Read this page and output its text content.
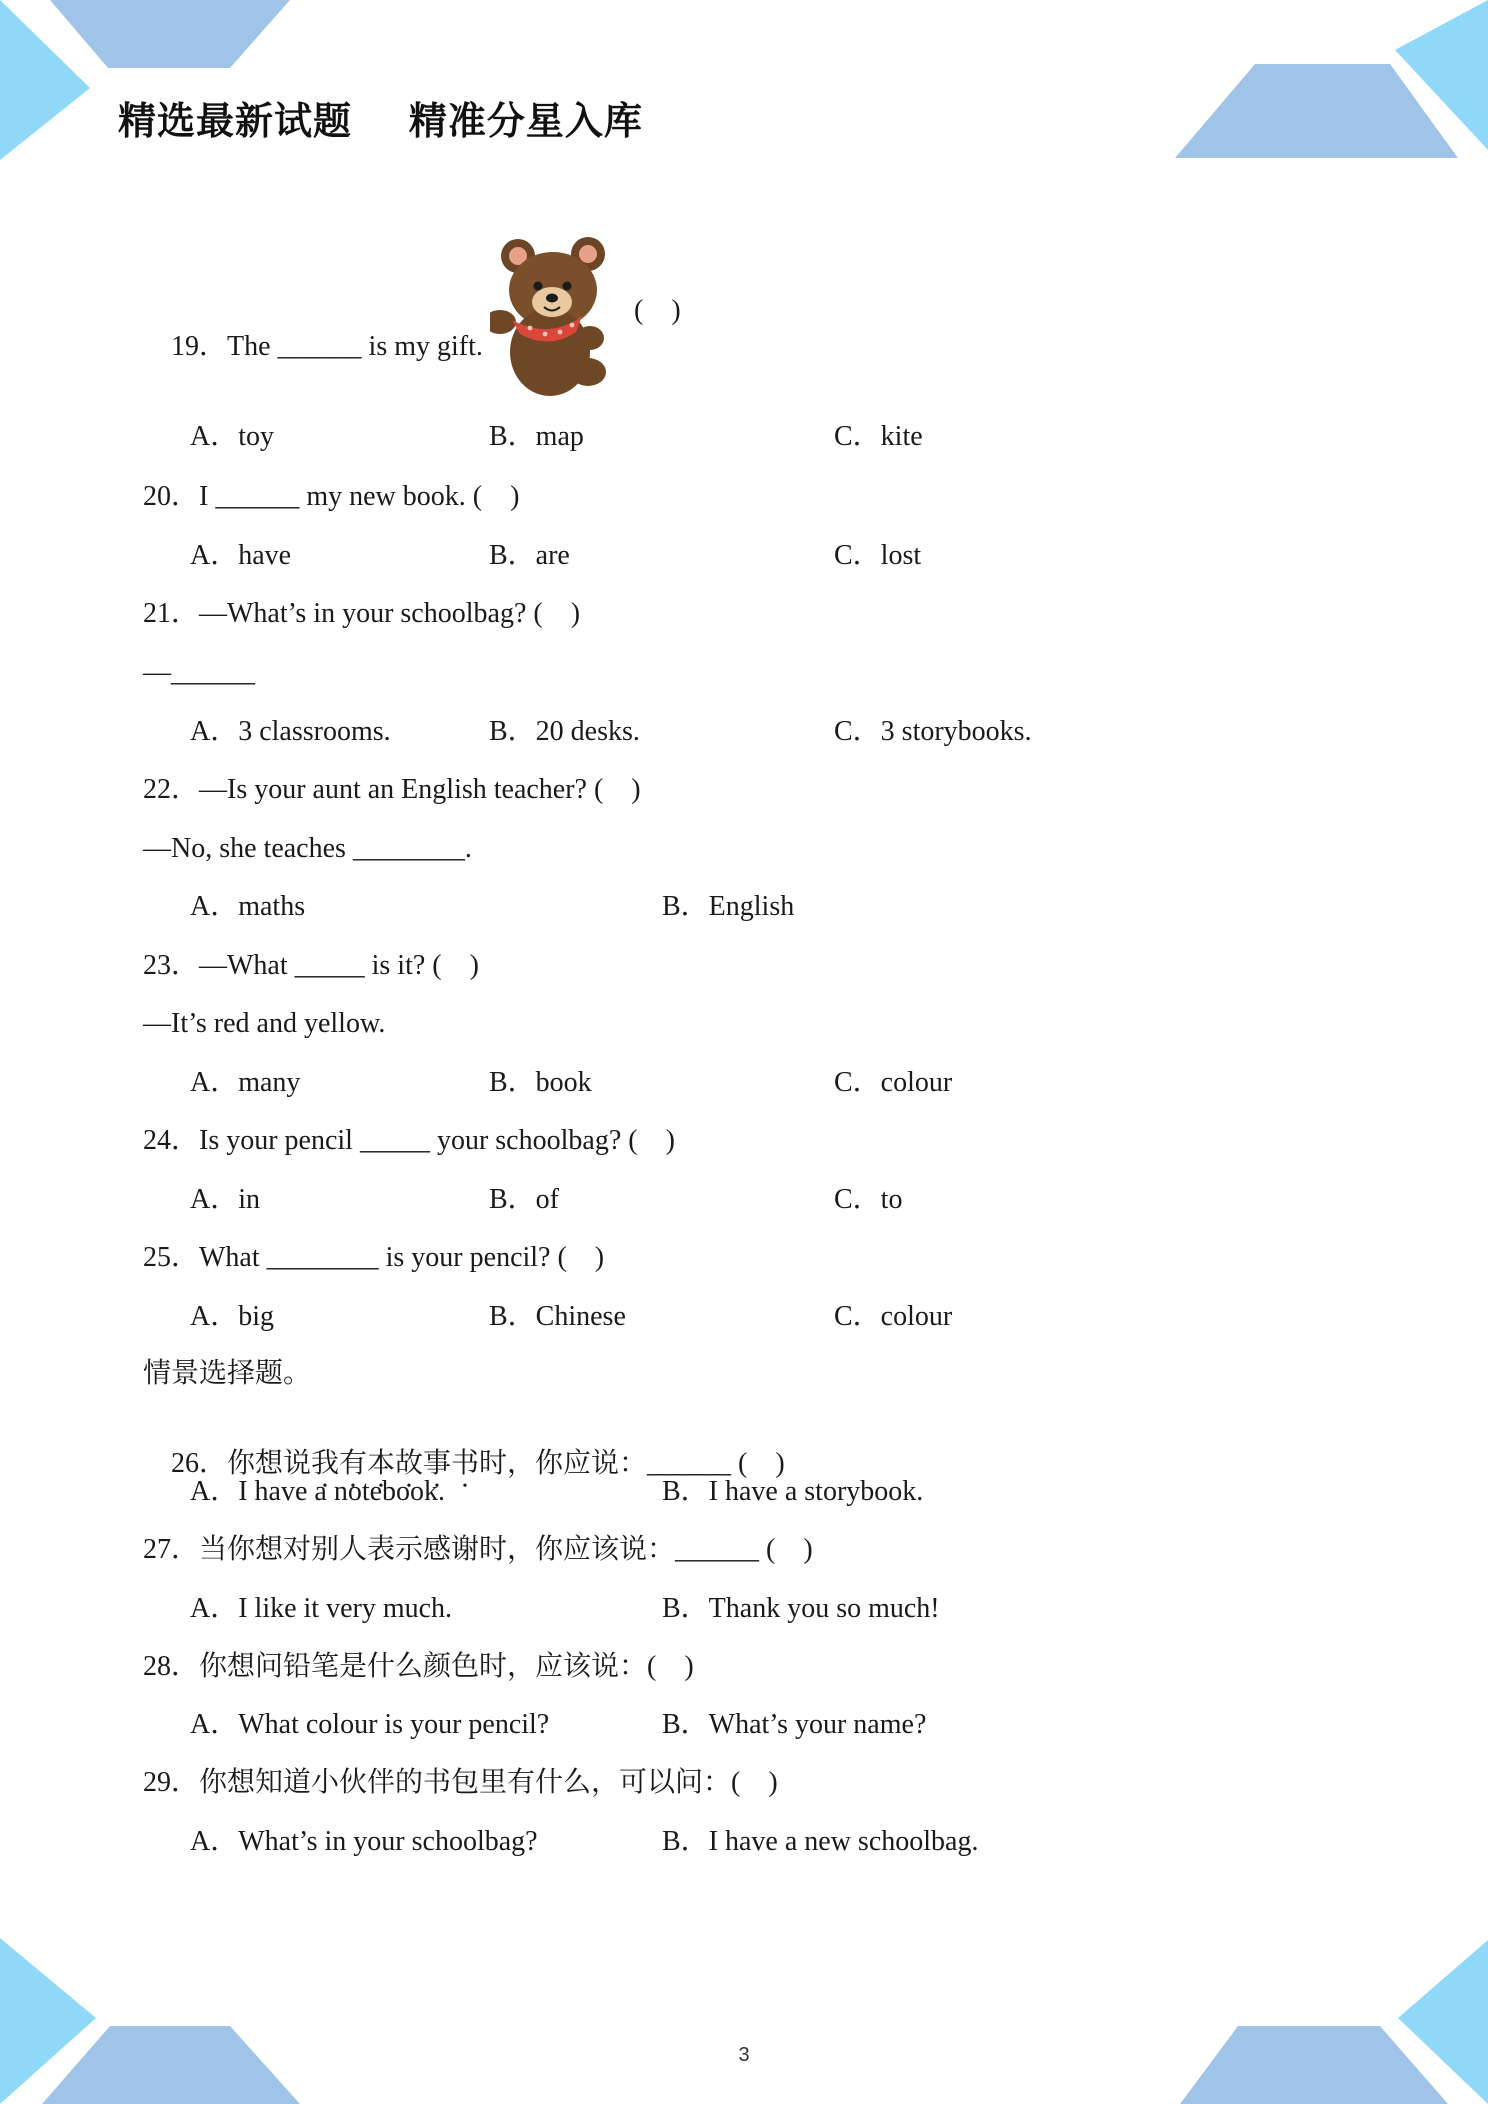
精选最新试题    精准分星入库

19．The ______ is my gift.

(    )
A．toy	B．map	C．kite
20．I ______ my new book. (    )
A．have	B．are	C．lost
21．—What’s in your schoolbag? (    )
—______
A．3 classrooms.	B．20 desks.	C．3 storybooks.
22．—Is your aunt an English teacher? (    )
—No, she teaches ________.
A．maths	B．English
23．—What _____ is it? (    )
—It’s red and yellow.
A．many	B．book	C．colour
24．Is your pencil _____ your schoolbag? (    )
A．in	B．of	C．to
25．What ________ is your pencil? (    )
A．big	B．Chinese	C．colour
情景选择题。

26．你想说我有本故事书时，你应说：______ (    )

A．I have a notebook.	B．I have a storybook.
27．当你想对别人表示感谢时，你应该说：______ (    )
A．I like it very much.	B．Thank you so much!
28．你想问铅笔是什么颜色时，应该说：(    )
A．What colour is your pencil?	B．What’s your name?
29．你想知道小伙伴的书包里有什么，可以问：(    )
A．What’s in your schoolbag?	B．I have a new schoolbag.
3
